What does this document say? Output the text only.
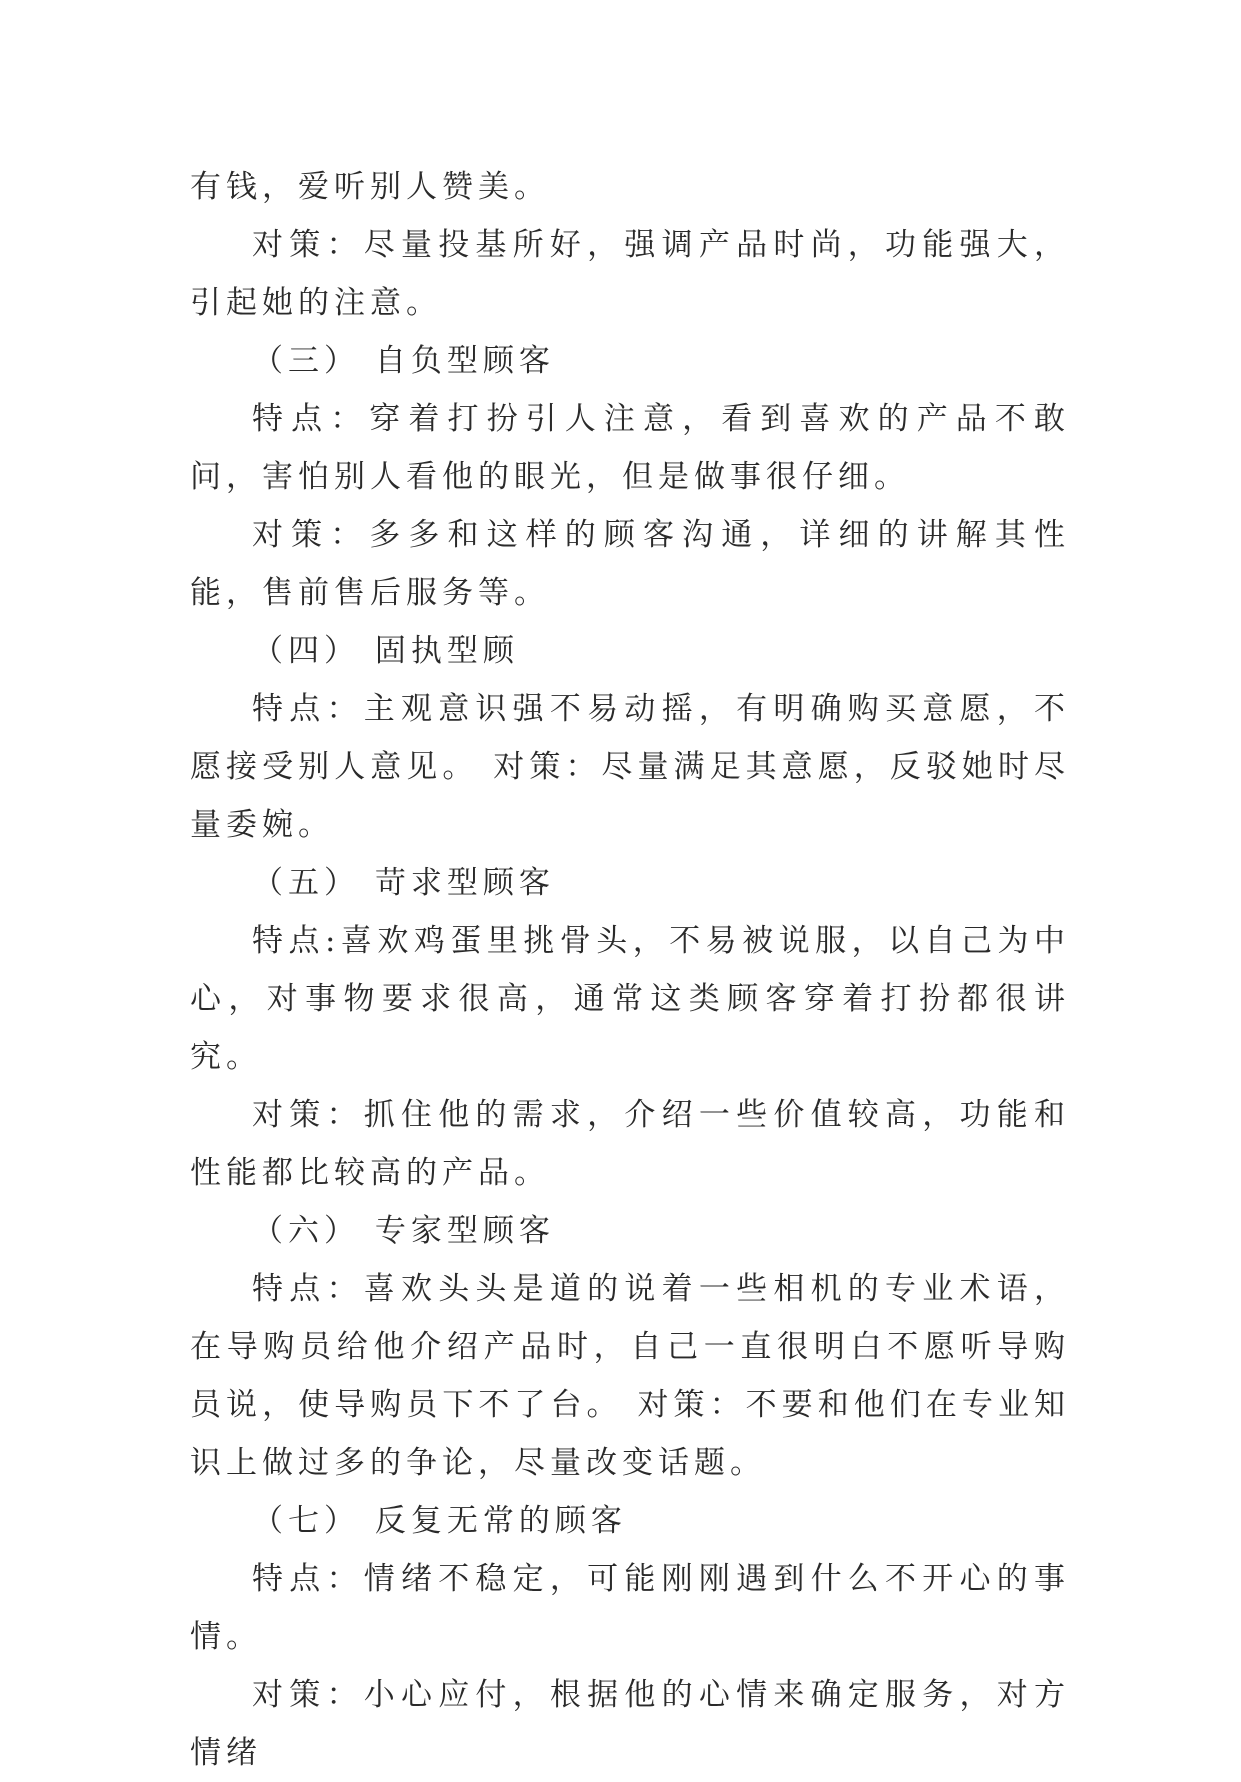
有钱，爱听别人赞美。

对策：尽量投基所好，强调产品时尚，功能强大，引起她的注意。

（三） 自负型顾客

特点：穿着打扮引人注意，看到喜欢的产品不敢问，害怕别人看他的眼光，但是做事很仔细。

对策：多多和这样的顾客沟通，详细的讲解其性能，售前售后服务等。

（四） 固执型顾

特点：主观意识强不易动摇，有明确购买意愿，不愿接受别人意见。 对策：尽量满足其意愿，反驳她时尽量委婉。

（五） 苛求型顾客

特点:喜欢鸡蛋里挑骨头，不易被说服，以自己为中心，对事物要求很高，通常这类顾客穿着打扮都很讲究。

对策：抓住他的需求，介绍一些价值较高，功能和性能都比较高的产品。

（六） 专家型顾客

特点：喜欢头头是道的说着一些相机的专业术语，在导购员给他介绍产品时，自己一直很明白不愿听导购员说，使导购员下不了台。 对策：不要和他们在专业知识上做过多的争论，尽量改变话题。

（七） 反复无常的顾客

特点：情绪不稳定，可能刚刚遇到什么不开心的事情。

对策：小心应付，根据他的心情来确定服务，对方情绪
